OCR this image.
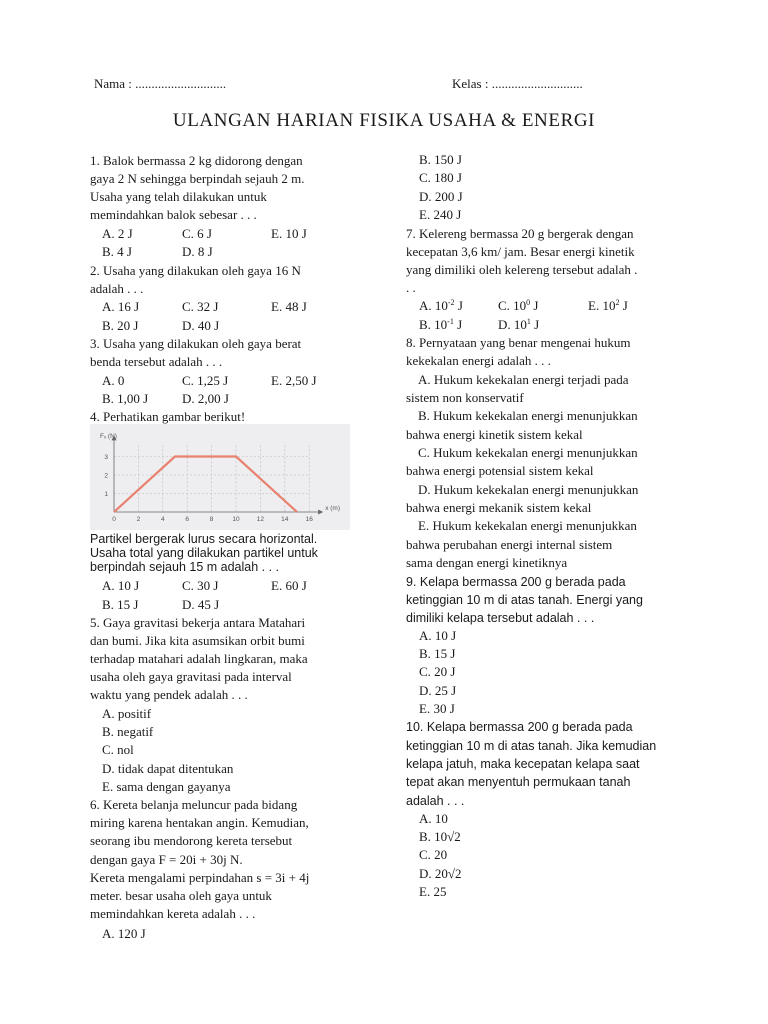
Nama : ............................	Kelas : ............................
ULANGAN HARIAN FISIKA USAHA & ENERGI
1. Balok bermassa 2 kg didorong dengan
gaya 2 N sehingga berpindah sejauh 2 m.
Usaha yang telah dilakukan untuk
memindahkan balok sebesar . . .
A. 2 J	C. 6 J	E. 10 J
B. 4 J	D. 8 J
2. Usaha yang dilakukan oleh gaya 16 N
adalah . . .
A. 16 J	C. 32 J	E. 48 J
B. 20 J	D. 40 J
3. Usaha yang dilakukan oleh gaya berat
benda tersebut adalah . . .
A. 0	C. 1,25 J	E. 2,50 J
B. 1,00 J	D. 2,00 J
4. Perhatikan gambar berikut!
0	2	4	6	8	10	12	14	16
1
2
3
Fₓ (N)
x (m)
Partikel bergerak lurus secara horizontal.
Usaha total yang dilakukan partikel untuk
berpindah sejauh 15 m adalah . . .
A. 10 J	C. 30 J	E. 60 J
B. 15 J	D. 45 J
5. Gaya gravitasi bekerja antara Matahari
dan bumi. Jika kita asumsikan orbit bumi
terhadap matahari adalah lingkaran, maka
usaha oleh gaya gravitasi pada interval
waktu yang pendek adalah . . .
A. positif
B. negatif
C. nol
D. tidak dapat ditentukan
E. sama dengan gayanya
6. Kereta belanja meluncur pada bidang
miring karena hentakan angin. Kemudian,
seorang ibu mendorong kereta tersebut
dengan gaya F = 20i + 30j N.
Kereta mengalami perpindahan s = 3i + 4j
meter. besar usaha oleh gaya untuk
memindahkan kereta adalah . . .
A. 120 J
B. 150 J
C. 180 J
D. 200 J
E. 240 J
7. Kelereng bermassa 20 g bergerak dengan
kecepatan 3,6 km/ jam. Besar energi kinetik
yang dimiliki oleh kelereng tersebut adalah .
. .
A. $10^{-2}$ J	C. $10^0$ J	E. $10^2$ J
B. $10^{-1}$ J	D. $10^1$ J
8. Pernyataan yang benar mengenai hukum
kekekalan energi adalah . . .
A. Hukum kekekalan energi terjadi pada
sistem non konservatif
B. Hukum kekekalan energi menunjukkan
bahwa energi kinetik sistem kekal
C. Hukum kekekalan energi menunjukkan
bahwa energi potensial sistem kekal
D. Hukum kekekalan energi menunjukkan
bahwa energi mekanik sistem kekal
E. Hukum kekekalan energi menunjukkan
bahwa perubahan energi internal sistem
sama dengan energi kinetiknya
9. Kelapa bermassa 200 g berada pada
ketinggian 10 m di atas tanah. Energi yang
dimiliki kelapa tersebut adalah . . .
A. 10 J
B. 15 J
C. 20 J
D. 25 J
E. 30 J
10. Kelapa bermassa 200 g berada pada
ketinggian 10 m di atas tanah. Jika kemudian
kelapa jatuh, maka kecepatan kelapa saat
tepat akan menyentuh permukaan tanah
adalah . . .
A. 10
B. 10√2
C. 20
D. 20√2
E. 25
